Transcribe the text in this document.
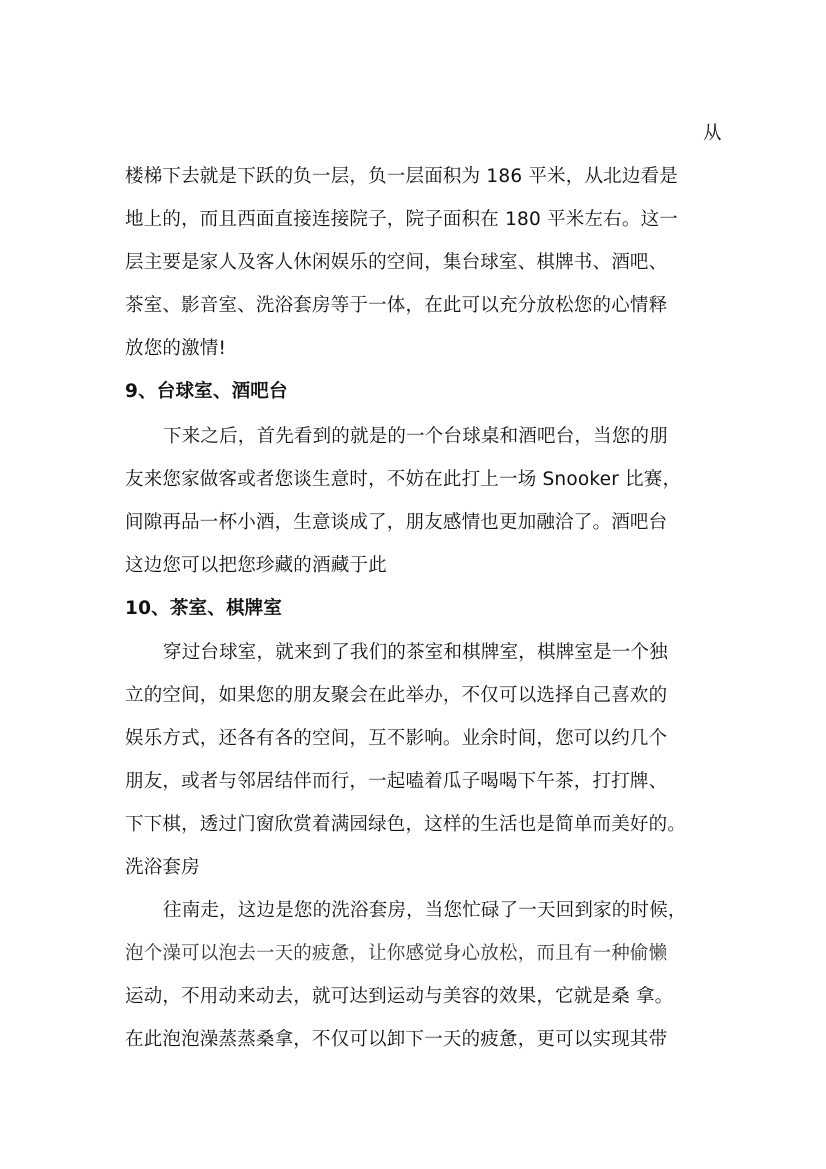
从
楼梯下去就是下跃的负一层，负一层面积为 186 平米，从北边看是
地上的，而且西面直接连接院子，院子面积在 180 平米左右。这一
层主要是家人及客人休闲娱乐的空间，集台球室、棋牌书、酒吧、
茶室、影音室、洗浴套房等于一体，在此可以充分放松您的心情释
放您的激情!
9、台球室、酒吧台
下来之后，首先看到的就是的一个台球桌和酒吧台，当您的朋
友来您家做客或者您谈生意时，不妨在此打上一场 Snooker 比赛，
间隙再品一杯小酒，生意谈成了，朋友感情也更加融洽了。酒吧台
这边您可以把您珍藏的酒藏于此
10、茶室、棋牌室
穿过台球室，就来到了我们的茶室和棋牌室，棋牌室是一个独
立的空间，如果您的朋友聚会在此举办，不仅可以选择自己喜欢的
娱乐方式，还各有各的空间，互不影响。业余时间，您可以约几个
朋友，或者与邻居结伴而行，一起嗑着瓜子喝喝下午茶，打打牌、
下下棋，透过门窗欣赏着满园绿色，这样的生活也是简单而美好的。
洗浴套房
往南走，这边是您的洗浴套房，当您忙碌了一天回到家的时候，
泡个澡可以泡去一天的疲惫，让你感觉身心放松，而且有一种偷懒
运动，不用动来动去，就可达到运动与美容的效果，它就是桑 拿。
在此泡泡澡蒸蒸桑拿，不仅可以卸下一天的疲惫，更可以实现其带
